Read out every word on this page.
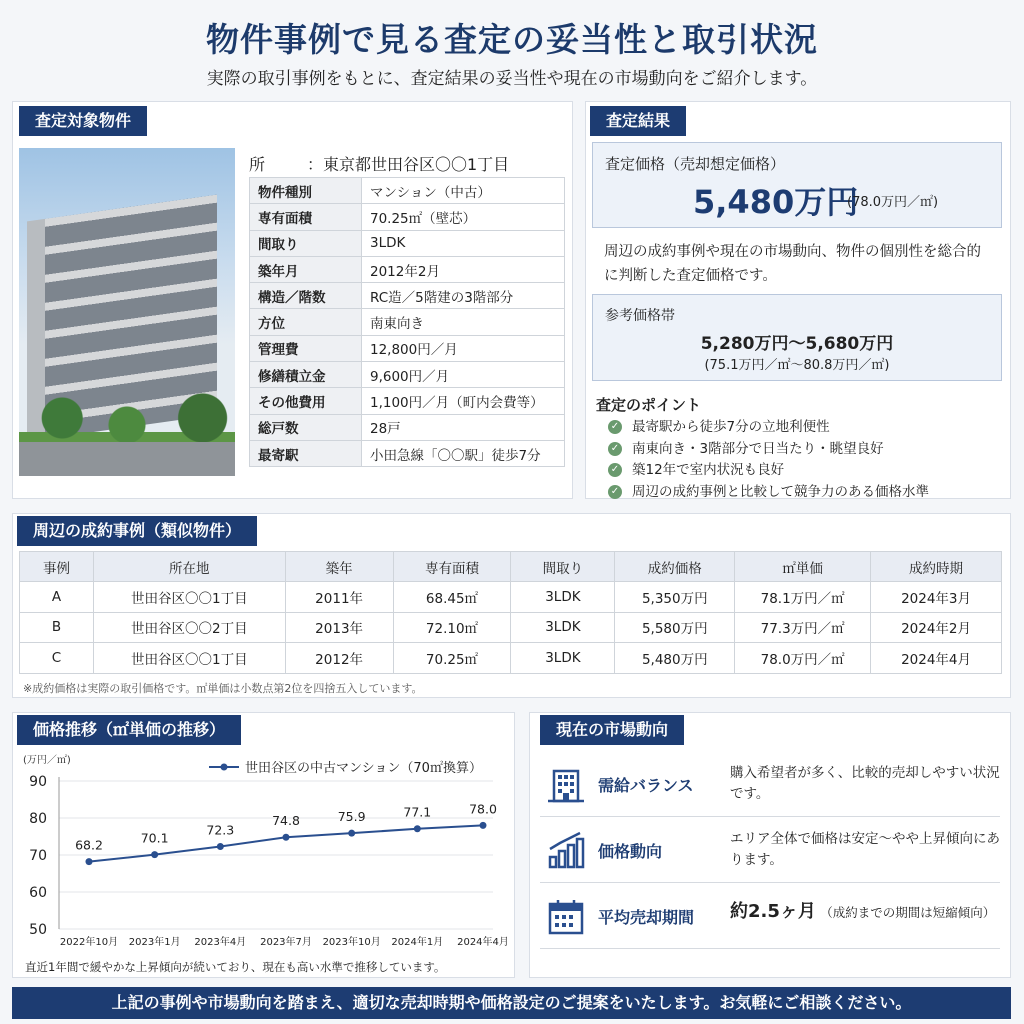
物件事例で見る査定の妥当性と取引状況
実際の取引事例をもとに、査定結果の妥当性や現在の市場動向をご紹介します。
査定対象物件
所	：東京都世田谷区〇〇1丁目
物件種別	マンション（中古）
専有面積	70.25㎡（壁芯）
間取り	3LDK
築年月	2012年2月
構造／階数	RC造／5階建の3階部分
方位	南東向き
管理費	12,800円／月
修繕積立金	9,600円／月
その他費用	1,100円／月（町内会費等）
総戸数	28戸
最寄駅	小田急線「〇〇駅」徒歩7分
査定結果
査定価格（売却想定価格）
5,480万円
(78.0万円／㎡)
周辺の成約事例や現在の市場動向、物件の個別性を総合的に判断した査定価格です。
参考価格帯
5,280万円～5,680万円
(75.1万円／㎡～80.8万円／㎡)
査定のポイント
✓ 最寄駅から徒歩7分の立地利便性
✓ 南東向き・3階部分で日当たり・眺望良好
✓ 築12年で室内状況も良好
✓ 周辺の成約事例と比較して競争力のある価格水準
周辺の成約事例（類似物件）
事例	所在地	築年	専有面積	間取り	成約価格	㎡単価	成約時期
A	世田谷区〇〇1丁目	2011年	68.45㎡	3LDK	5,350万円	78.1万円／㎡	2024年3月
B	世田谷区〇〇2丁目	2013年	72.10㎡	3LDK	5,580万円	77.3万円／㎡	2024年2月
C	世田谷区〇〇1丁目	2012年	70.25㎡	3LDK	5,480万円	78.0万円／㎡	2024年4月
※成約価格は実際の取引価格です。㎡単価は小数点第2位を四捨五入しています。
価格推移（㎡単価の推移）
(万円／㎡)
50
60
70
80
90
2022年10月 2023年1月 2023年4月 2023年7月 2023年10月 2024年1月 2024年4月
68.2	70.1
72.3
74.8	75.9	77.1	78.0
世田谷区の中古マンション（70㎡換算）
直近1年間で緩やかな上昇傾向が続いており、現在も高い水準で推移しています。
現在の市場動向
需給バランス
購入希望者が多く、比較的売却しやすい状況です。
価格動向
エリア全体で価格は安定～やや上昇傾向にあります。
平均売却期間 約2.5ヶ月 （成約までの期間は短縮傾向）
上記の事例や市場動向を踏まえ、適切な売却時期や価格設定のご提案をいたします。お気軽にご相談ください。
